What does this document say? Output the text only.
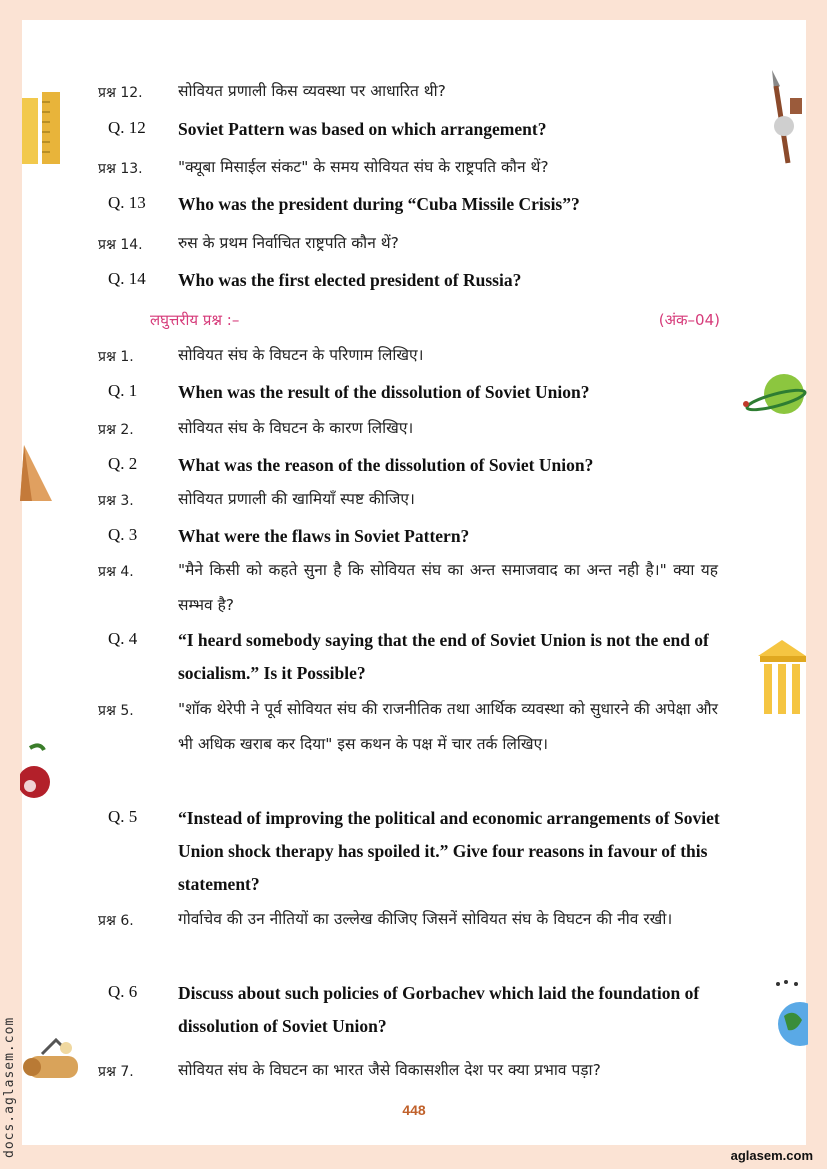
प्रश्न 12.	सोवियत प्रणाली किस व्यवस्था पर आधारित थी?
Q. 12	Soviet Pattern was based on which arrangement?
प्रश्न 13.	"क्यूबा मिसाईल संकट" के समय सोवियत संघ के राष्ट्रपति कौन थें?
Q. 13	Who was the president during “Cuba Missile Crisis”?
प्रश्न 14.	रुस के प्रथम निर्वाचित राष्ट्रपति कौन थें?
Q. 14	Who was the first elected president of Russia?
लघुत्तरीय प्रश्न :–	(अंक–04)
प्रश्न 1.	सोवियत संघ के विघटन के परिणाम लिखिए।
Q. 1	When was the result of the dissolution of Soviet Union?
प्रश्न 2.	सोवियत संघ के विघटन के कारण लिखिए।
Q. 2	What was the reason of the dissolution of Soviet Union?
प्रश्न 3.	सोवियत प्रणाली की खामियाँ स्पष्ट कीजिए।
Q. 3	What were the flaws in Soviet Pattern?
प्रश्न 4.	"मैने किसी को कहते सुना है कि सोवियत संघ का अन्त समाजवाद का अन्त नही है।" क्या यह सम्भव है?
Q. 4	“I heard somebody saying that the end of Soviet Union is not the end of socialism.” Is it Possible?
प्रश्न 5.	"शॉक थेरेपी ने पूर्व सोवियत संघ की राजनीतिक तथा आर्थिक व्यवस्था को सुधारने की अपेक्षा और भी अधिक खराब कर दिया" इस कथन के पक्ष में चार तर्क लिखिए।
Q. 5	“Instead of improving the political and economic arrangements of Soviet Union shock therapy has spoiled it.” Give four reasons in favour of this statement?
प्रश्न 6.	गोर्वाचेव की उन नीतियों का उल्लेख कीजिए जिसनें सोवियत संघ के विघटन की नीव रखी।
Q. 6	Discuss about such policies of Gorbachev which laid the foundation of dissolution of Soviet Union?
प्रश्न 7.	सोवियत संघ के विघटन का भारत जैसे विकासशील देश पर क्या प्रभाव पड़ा?
448
docs.aglasem.com	aglasem.com
